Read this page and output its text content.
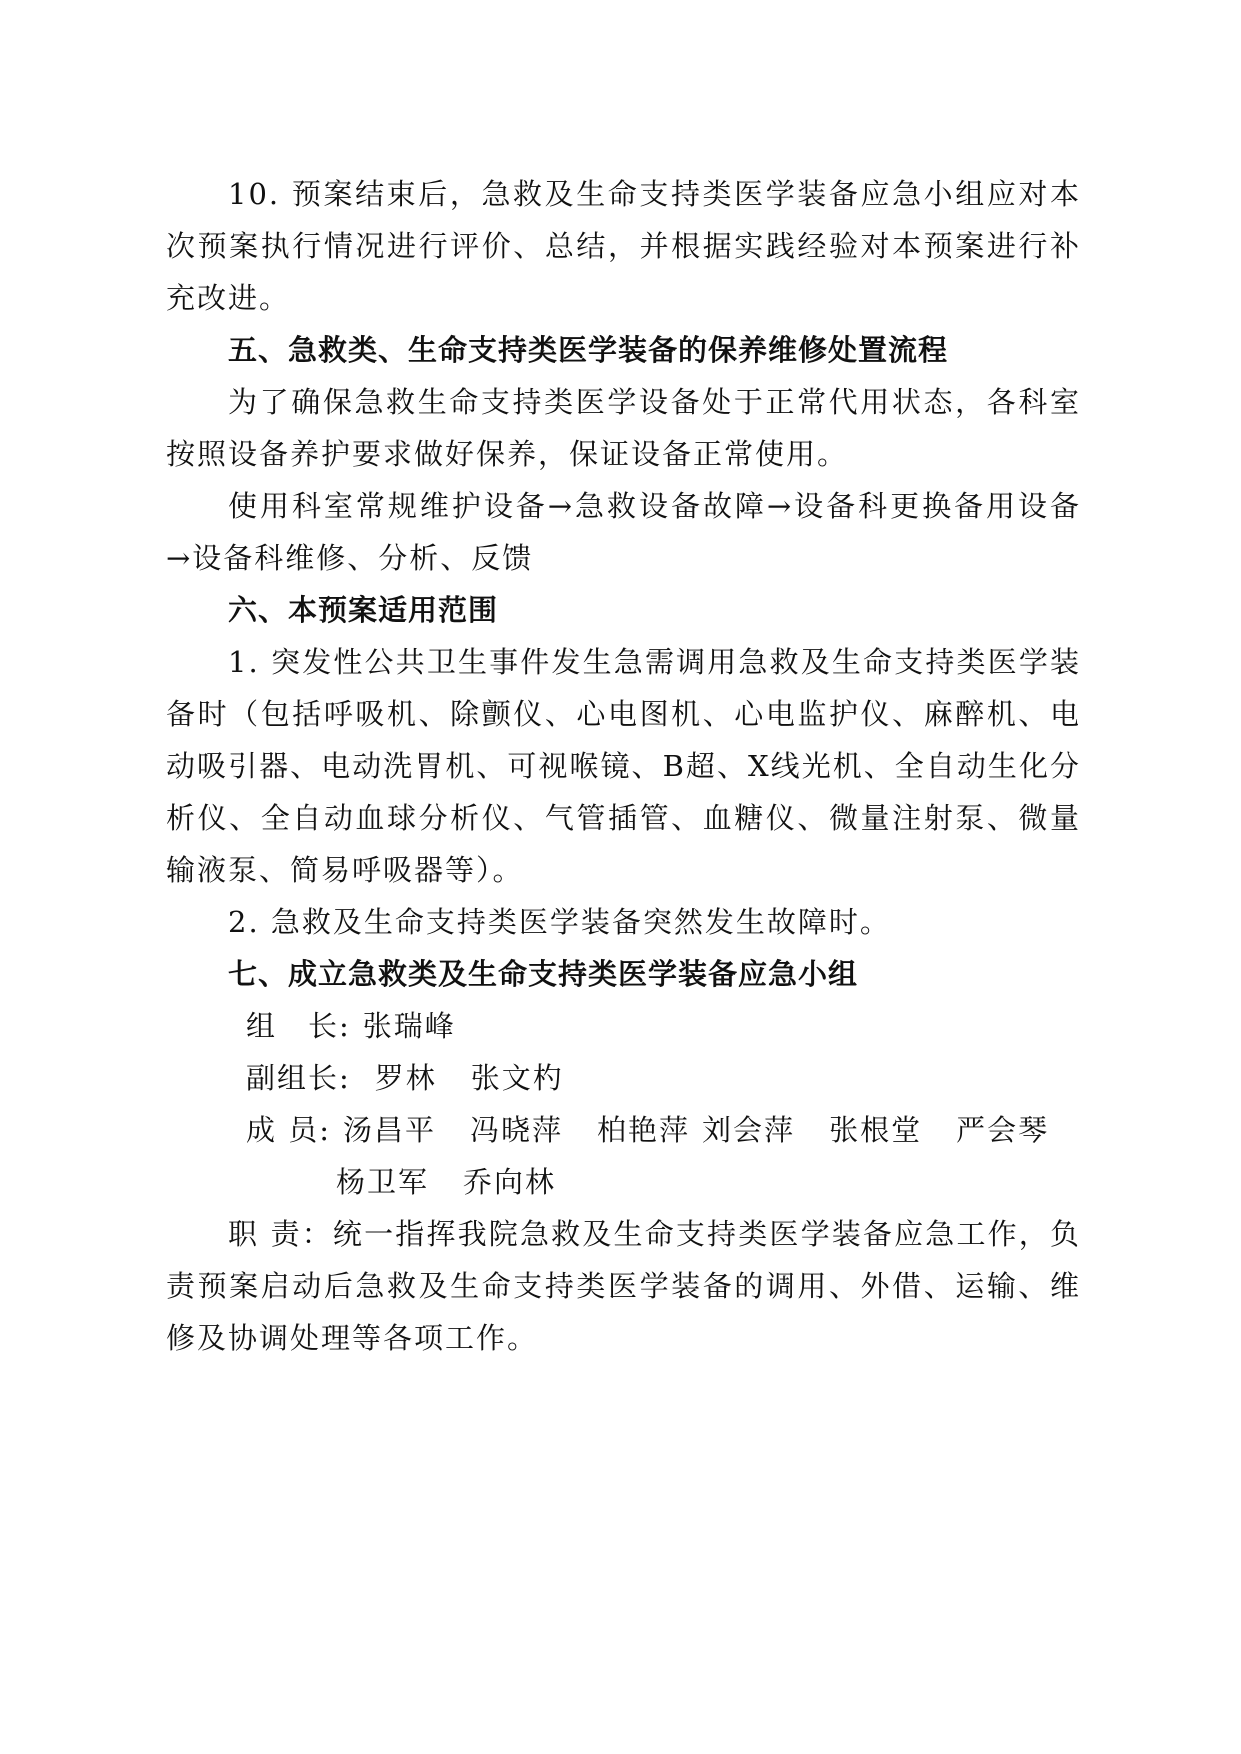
10. 预案结束后，急救及生命支持类医学装备应急小组应对本次预案执行情况进行评价、总结，并根据实践经验对本预案进行补充改进。

五、急救类、生命支持类医学装备的保养维修处置流程

为了确保急救生命支持类医学设备处于正常代用状态，各科室按照设备养护要求做好保养，保证设备正常使用。

使用科室常规维护设备→急救设备故障→设备科更换备用设备→设备科维修、分析、反馈

六、本预案适用范围

1. 突发性公共卫生事件发生急需调用急救及生命支持类医学装备时（包括呼吸机、除颤仪、心电图机、心电监护仪、麻醉机、电动吸引器、电动洗胃机、可视喉镜、B超、X线光机、全自动生化分析仪、全自动血球分析仪、气管插管、血糖仪、微量注射泵、微量输液泵、简易呼吸器等）。

2. 急救及生命支持类医学装备突然发生故障时。

七、成立急救类及生命支持类医学装备应急小组

组　长: 张瑞峰

副组长: 罗林 张文杓

成 员: 汤昌平 冯晓萍 柏艳萍 刘会萍 张根堂 严会琴

杨卫军 乔向林

职 责：统一指挥我院急救及生命支持类医学装备应急工作，负责预案启动后急救及生命支持类医学装备的调用、外借、运输、维修及协调处理等各项工作。
